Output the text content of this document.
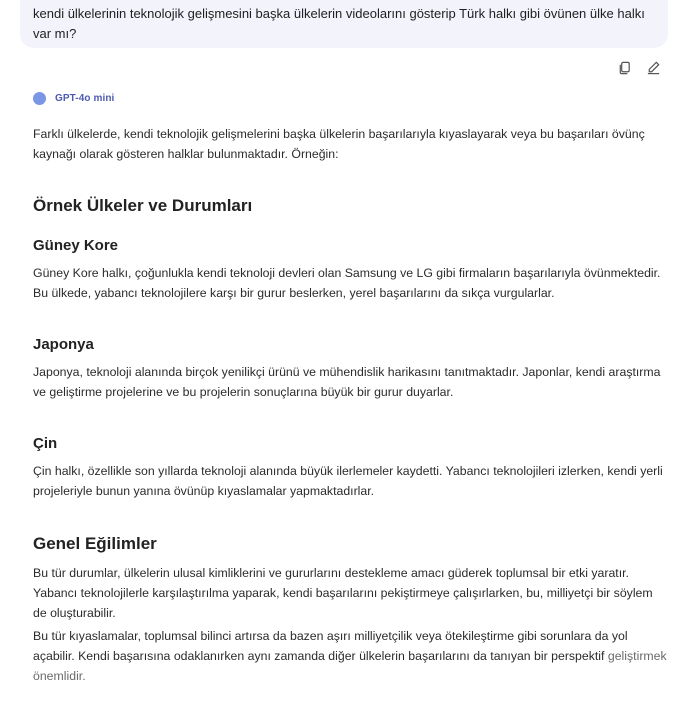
kendi ülkelerinin teknolojik gelişmesini başka ülkelerin videolarını gösterip Türk halkı gibi övünen ülke halkı var mı?
GPT-4o mini

Farklı ülkelerde, kendi teknolojik gelişmelerini başka ülkelerin başarılarıyla kıyaslayarak veya bu başarıları övünç kaynağı olarak gösteren halklar bulunmaktadır. Örneğin:

Örnek Ülkeler ve Durumları
Güney Kore

Güney Kore halkı, çoğunlukla kendi teknoloji devleri olan Samsung ve LG gibi firmaların başarılarıyla övünmektedir. Bu ülkede, yabancı teknolojilere karşı bir gurur beslerken, yerel başarılarını da sıkça vurgularlar.

Japonya

Japonya, teknoloji alanında birçok yenilikçi ürünü ve mühendislik harikasını tanıtmaktadır. Japonlar, kendi araştırma ve geliştirme projelerine ve bu projelerin sonuçlarına büyük bir gurur duyarlar.

Çin

Çin halkı, özellikle son yıllarda teknoloji alanında büyük ilerlemeler kaydetti. Yabancı teknolojileri izlerken, kendi yerli projeleriyle bunun yanına övünüp kıyaslamalar yapmaktadırlar.

Genel Eğilimler

Bu tür durumlar, ülkelerin ulusal kimliklerini ve gururlarını destekleme amacı güderek toplumsal bir etki yaratır. Yabancı teknolojilerle karşılaştırılma yaparak, kendi başarılarını pekiştirmeye çalışırlarken, bu, milliyetçi bir söylem de oluşturabilir.

Bu tür kıyaslamalar, toplumsal bilinci artırsa da bazen aşırı milliyetçilik veya ötekileştirme gibi sorunlara da yol açabilir. Kendi başarısına odaklanırken aynı zamanda diğer ülkelerin başarılarını da tanıyan bir perspektif geliştirmek önemlidir.
